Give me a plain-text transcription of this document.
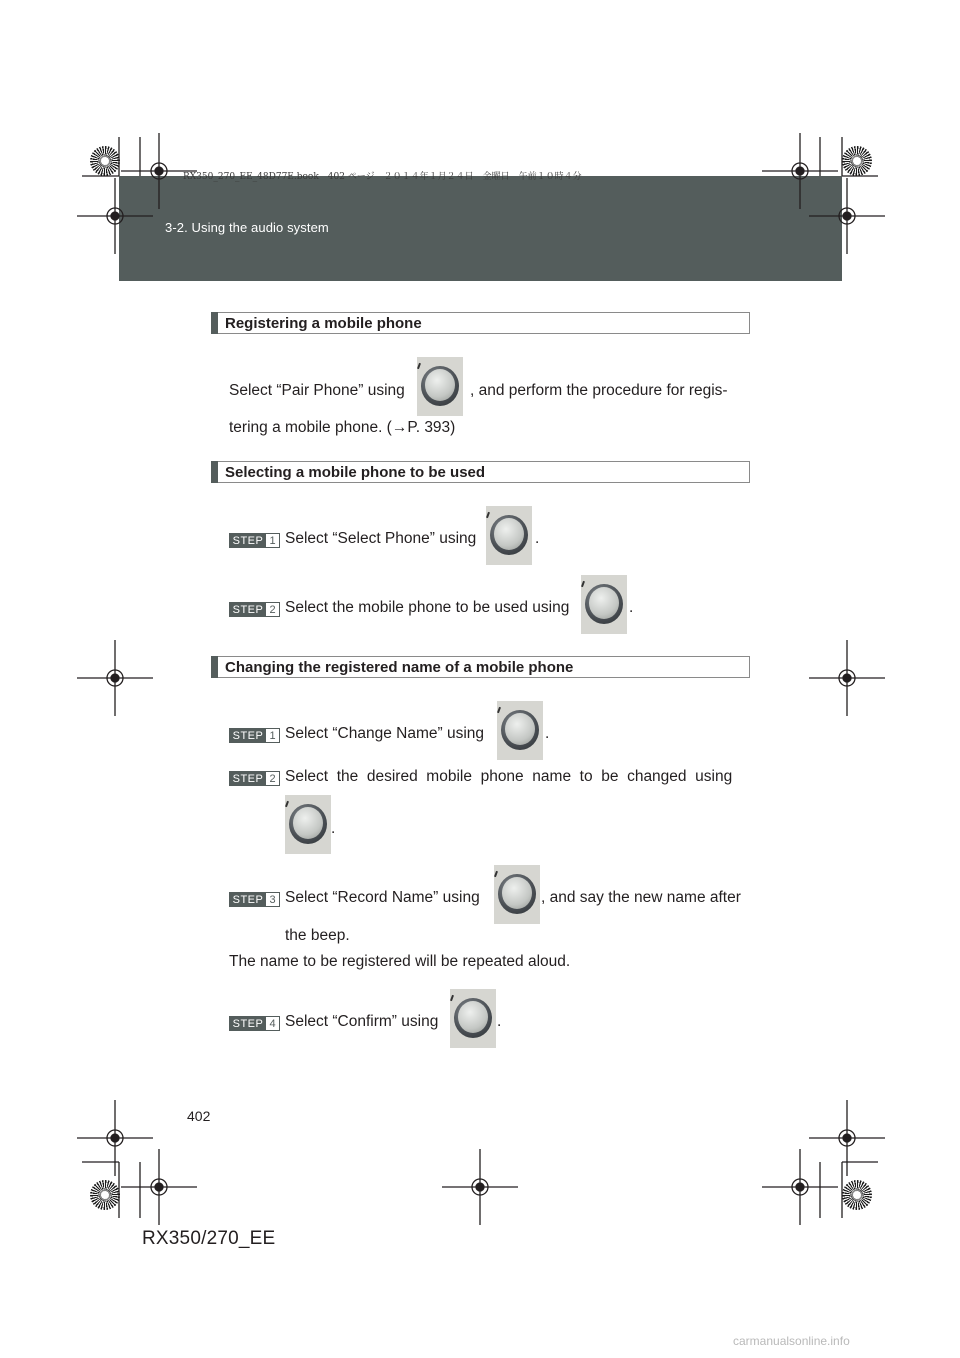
3-2. Using the audio system
RX350_270_EE_48D77E.book　402 ページ　２０１４年１月２４日　金曜日　午前１０時４分
Registering a mobile phone
Select “Pair Phone” using	, and perform the procedure for regis-
tering a mobile phone. (→P. 393)
Selecting a mobile phone to be used
STEP 1 Select “Select Phone” using	.
STEP 2 Select the mobile phone to be used using	.
Changing the registered name of a mobile phone
STEP 1 Select “Change Name” using	.
STEP 2 Select  the  desired  mobile  phone  name  to  be  changed  using
.
STEP 3 Select “Record Name” using	, and say the new name after
the beep.
The name to be registered will be repeated aloud.
STEP 4 Select “Confirm” using	.
402
RX350/270_EE
carmanualsonline.info
